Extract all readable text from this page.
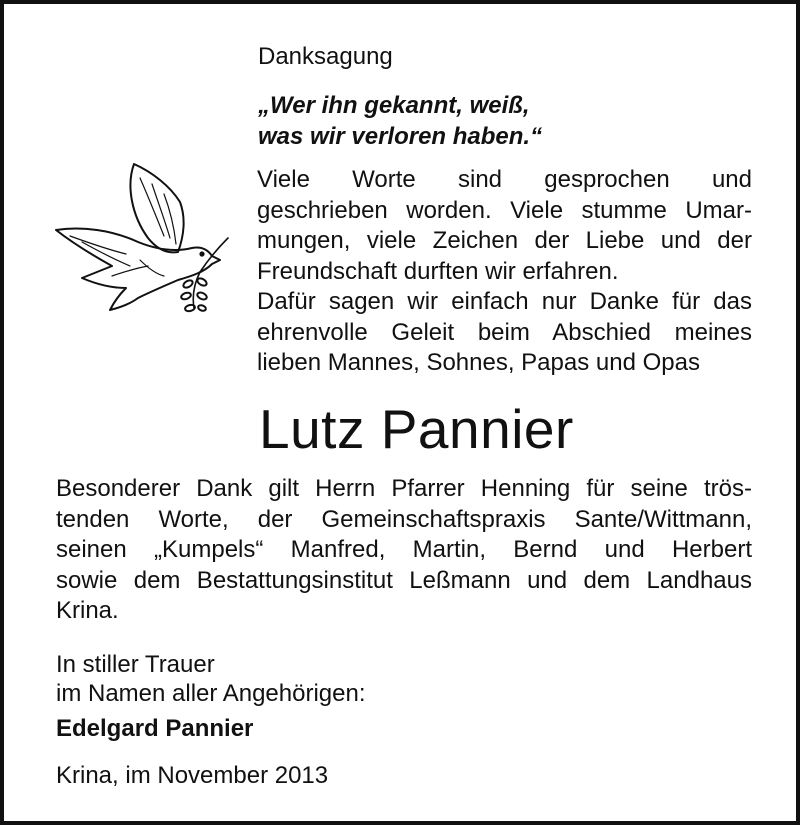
Danksagung
„Wer ihn gekannt, weiß,
was wir verloren haben.“
Viele Worte sind gesprochen und
geschrieben worden. Viele stumme Umar-
mungen, viele Zeichen der Liebe und der
Freundschaft durften wir erfahren.
Dafür sagen wir einfach nur Danke für das
ehrenvolle Geleit beim Abschied meines
lieben Mannes, Sohnes, Papas und Opas
Lutz Pannier
Besonderer Dank gilt Herrn Pfarrer Henning für seine trös-
tenden Worte, der Gemeinschaftspraxis Sante/Wittmann,
seinen „Kumpels“ Manfred, Martin, Bernd und Herbert
sowie dem Bestattungsinstitut Leßmann und dem Landhaus
Krina.
In stiller Trauer
im Namen aller Angehörigen:
Edelgard Pannier
Krina, im November 2013
